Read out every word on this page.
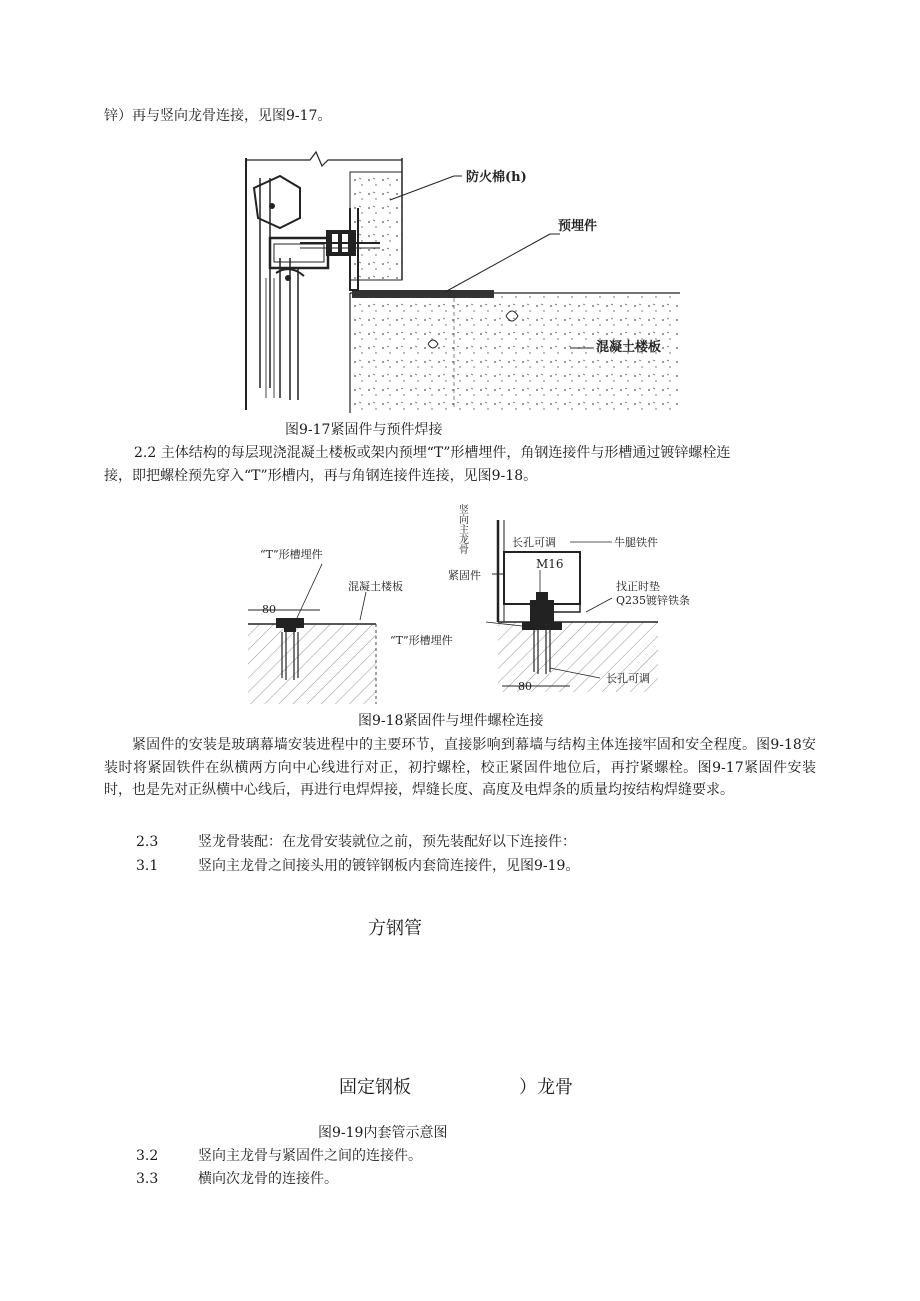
锌）再与竖向龙骨连接，见图9-17。
防火棉(h)
预埋件
混凝土楼板
图9-17紧固件与预件焊接
2.2 主体结构的每层现浇混凝土楼板或架内预埋“T”形槽埋件，角钢连接件与形槽通过镀锌螺栓连
接，即把螺栓预先穿入“T”形槽内，再与角钢连接件连接，见图9-18。
80
“T”形槽埋件
混凝土楼板
竖向主龙骨	长孔可调	牛腿铁件
紧固件
M16
找正时垫
Q235镀锌铁条
“T”形槽埋件
80
长孔可调
图9-18紧固件与埋件螺栓连接
紧固件的安装是玻璃幕墙安装进程中的主要环节，直接影响到幕墙与结构主体连接牢固和安全程度。图9-18安装时将紧固铁件在纵横两方向中心线进行对正，初拧螺栓，校正紧固件地位后，再拧紧螺栓。图9-17紧固件安装时，也是先对正纵横中心线后，再进行电焊焊接，焊缝长度、高度及电焊条的质量均按结构焊缝要求。
2.3	竖龙骨装配：在龙骨安装就位之前，预先装配好以下连接件：
3.1	竖向主龙骨之间接头用的镀锌钢板内套筒连接件，见图9-19。
方钢管
固定钢板	）龙骨
图9-19内套管示意图
3.2	竖向主龙骨与紧固件之间的连接件。
3.3	横向次龙骨的连接件。
